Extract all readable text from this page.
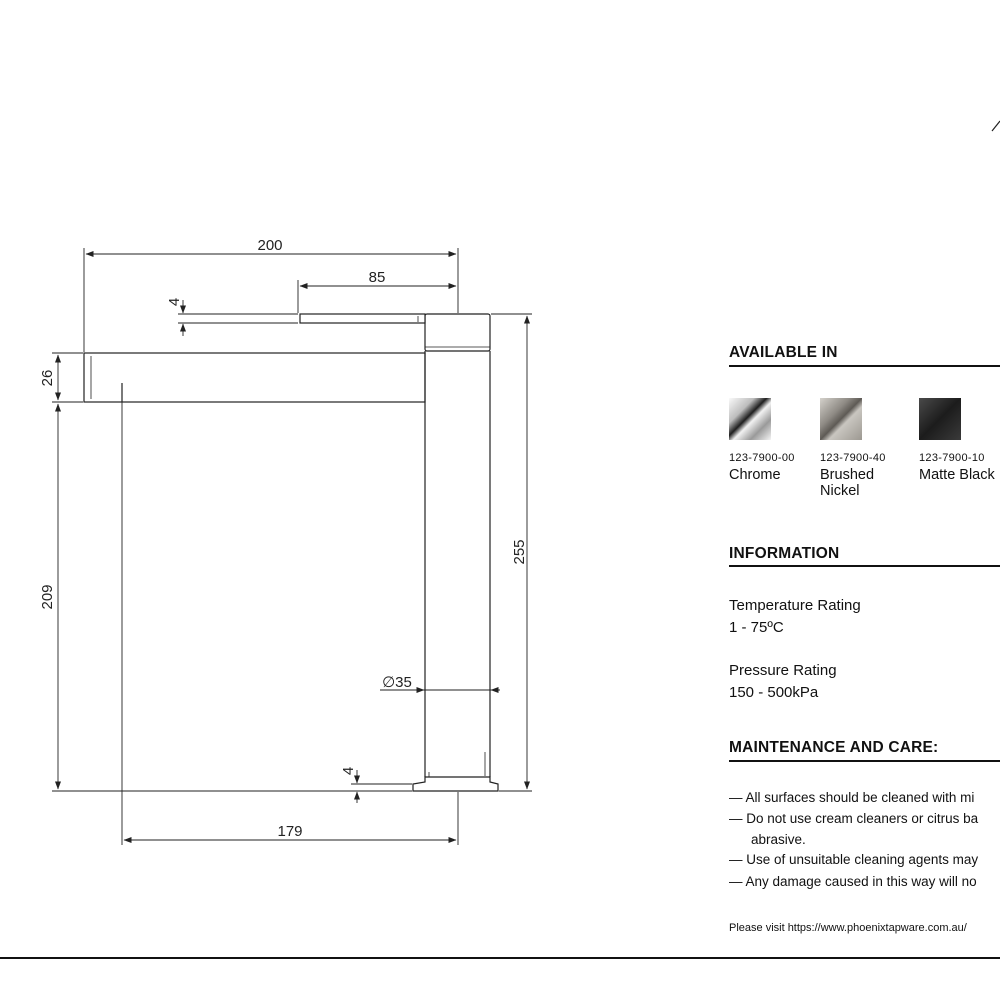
200
85
4
26
209
255
∅35
4
179
AVAILABLE IN
123-7900-00 123-7900-40	123-7900-10
Chrome	Brushed Nickel
Matte Black
INFORMATION
Temperature Rating
1 - 75ºC
Pressure Rating
150 - 500kPa
MAINTENANCE AND CARE:
— All surfaces should be cleaned with mi
— Do not use cream cleaners or citrus ba
abrasive.
— Use of unsuitable cleaning agents may
— Any damage caused in this way will no
Please visit https://www.phoenixtapware.com.au/
